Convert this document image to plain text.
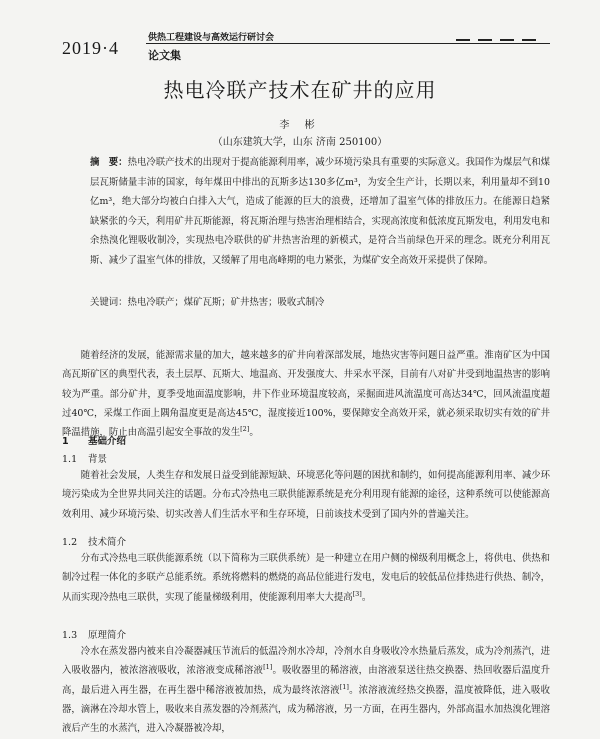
2019·4	供热工程建设与高效运行研讨会
论文集
热电冷联产技术在矿井的应用
李 彬
（山东建筑大学，山东 济南 250100）
摘　要：热电冷联产技术的出现对于提高能源利用率，减少环境污染具有重要的实际意义。我国作为煤层气和煤层瓦斯储量丰沛的国家，每年煤田中排出的瓦斯多达130多亿m³，为安全生产计，长期以来，利用量却不到10亿m³，绝大部分均被白白排入大气，造成了能源的巨大的浪费，还增加了温室气体的排放压力。在能源日趋紧缺紧张的今天，利用矿井瓦斯能源，将瓦斯治理与热害治理相结合，实现高浓度和低浓度瓦斯发电，利用发电和余热溴化锂吸收制冷，实现热电冷联供的矿井热害治理的新模式，是符合当前绿色开采的理念。既充分利用瓦斯、减少了温室气体的排放，又缓解了用电高峰期的电力紧张，为煤矿安全高效开采提供了保障。
关键词：热电冷联产；煤矿瓦斯；矿井热害；吸收式制冷
随着经济的发展，能源需求量的加大，越来越多的矿井向着深部发展，地热灾害等问题日益严重。淮南矿区为中国高瓦斯矿区的典型代表，表土层厚、瓦斯大、地温高、开发强度大、井采水平深，目前有八对矿井受到地温热害的影响较为严重。部分矿井，夏季受地面温度影响，井下作业环境温度较高，采掘面进风流温度可高达34℃，回风流温度超过40℃，采煤工作面上隅角温度更是高达45℃，湿度接近100%，要保障安全高效开采，就必须采取切实有效的矿井降温措施，防止由高温引起安全事故的发生[2]。
1 基础介绍
1.1 背景
随着社会发展，人类生存和发展日益受到能源短缺、环境恶化等问题的困扰和制约，如何提高能源利用率、减少环境污染成为全世界共同关注的话题。分布式冷热电三联供能源系统是充分利用现有能源的途径，这种系统可以使能源高效利用、减少环境污染、切实改善人们生活水平和生存环境，日前该技术受到了国内外的普遍关注。
1.2 技术简介
分布式冷热电三联供能源系统（以下简称为三联供系统）是一种建立在用户侧的梯级利用概念上，将供电、供热和制冷过程一体化的多联产总能系统。系统将燃料的燃烧的高品位能进行发电，发电后的较低品位排热进行供热、制冷，从而实现冷热电三联供，实现了能量梯级利用，使能源利用率大大提高[3]。
1.3 原理简介
冷水在蒸发器内被来自冷凝器减压节流后的低温冷剂水冷却，冷剂水自身吸收冷水热量后蒸发，成为冷剂蒸汽，进入吸收器内，被浓溶液吸收，浓溶液变成稀溶液[1]。吸收器里的稀溶液，由溶液泵送往热交换器、热回收器后温度升高，最后进入再生器，在再生器中稀溶液被加热，成为最终浓溶液[1]。浓溶液流经热交换器，温度被降低，进入吸收器，滴淋在冷却水管上，吸收来自蒸发器的冷剂蒸汽，成为稀溶液，另一方面，在再生器内，外部高温水加热溴化锂溶液后产生的水蒸汽，进入冷凝器被冷却，
